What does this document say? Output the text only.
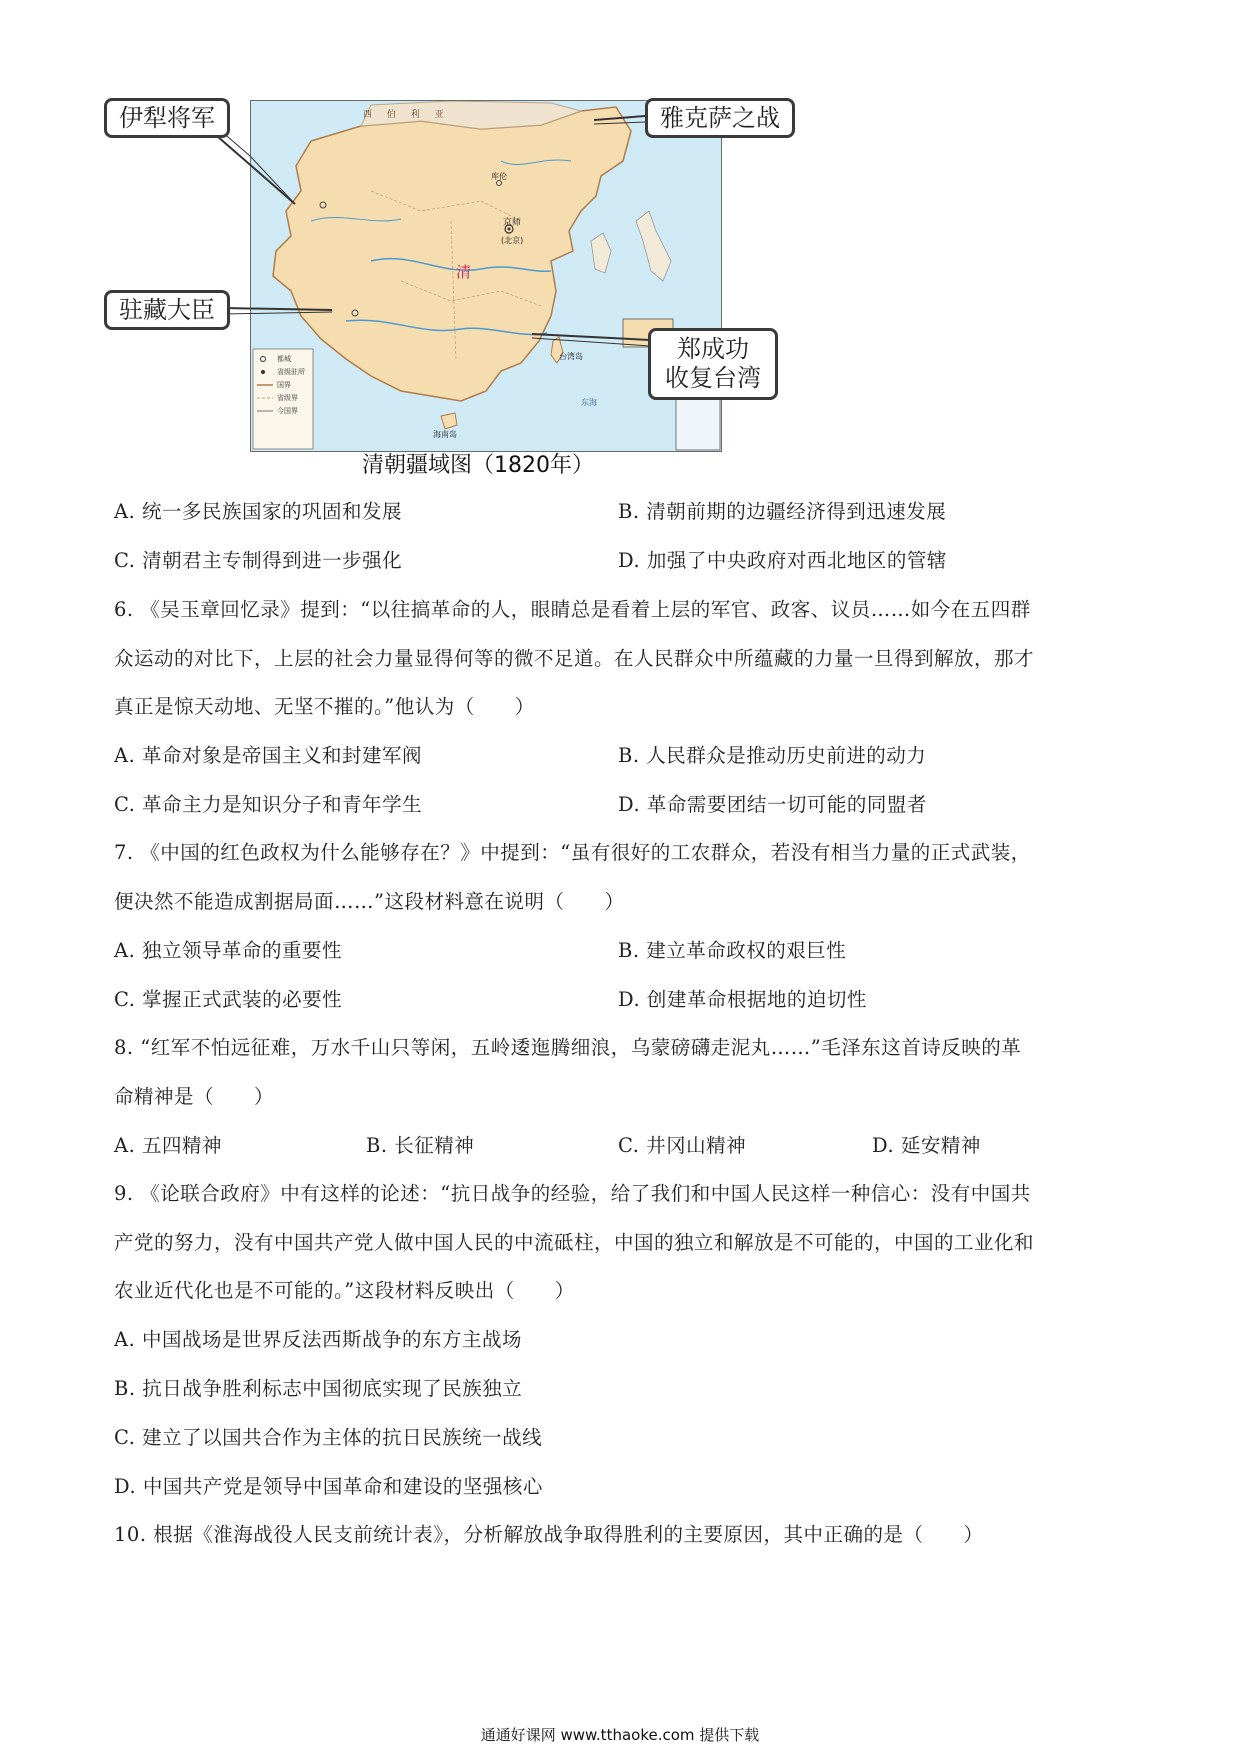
西 伯 利 亚
清
京师
(北京)
库伦
台湾岛
海南岛
东海
都城
省级驻所
国界
省级界
今国界
伊犁将军	雅克萨之战
驻藏大臣
郑成功
收复台湾
清朝疆域图（1820年）
A. 统一多民族国家的巩固和发展	B. 清朝前期的边疆经济得到迅速发展
C. 清朝君主专制得到进一步强化	D. 加强了中央政府对西北地区的管辖
6. 《吴玉章回忆录》提到：“以往搞革命的人，眼睛总是看着上层的军官、政客、议员……如今在五四群
众运动的对比下，上层的社会力量显得何等的微不足道。在人民群众中所蕴藏的力量一旦得到解放，那才
真正是惊天动地、无坚不摧的。”他认为（　　）
A. 革命对象是帝国主义和封建军阀	B. 人民群众是推动历史前进的动力
C. 革命主力是知识分子和青年学生	D. 革命需要团结一切可能的同盟者
7. 《中国的红色政权为什么能够存在？》中提到：“虽有很好的工农群众，若没有相当力量的正式武装，
便决然不能造成割据局面……”这段材料意在说明（　　）
A. 独立领导革命的重要性	B. 建立革命政权的艰巨性
C. 掌握正式武装的必要性	D. 创建革命根据地的迫切性
8. “红军不怕远征难，万水千山只等闲，五岭逶迤腾细浪，乌蒙磅礴走泥丸……”毛泽东这首诗反映的革
命精神是（　　）
A. 五四精神	B. 长征精神	C. 井冈山精神	D. 延安精神
9. 《论联合政府》中有这样的论述：“抗日战争的经验，给了我们和中国人民这样一种信心：没有中国共
产党的努力，没有中国共产党人做中国人民的中流砥柱，中国的独立和解放是不可能的，中国的工业化和
农业近代化也是不可能的。”这段材料反映出（　　）
A. 中国战场是世界反法西斯战争的东方主战场
B. 抗日战争胜利标志中国彻底实现了民族独立
C. 建立了以国共合作为主体的抗日民族统一战线
D. 中国共产党是领导中国革命和建设的坚强核心
10. 根据《淮海战役人民支前统计表》，分析解放战争取得胜利的主要原因，其中正确的是（　　）
通通好课网 www.tthaoke.com 提供下载
